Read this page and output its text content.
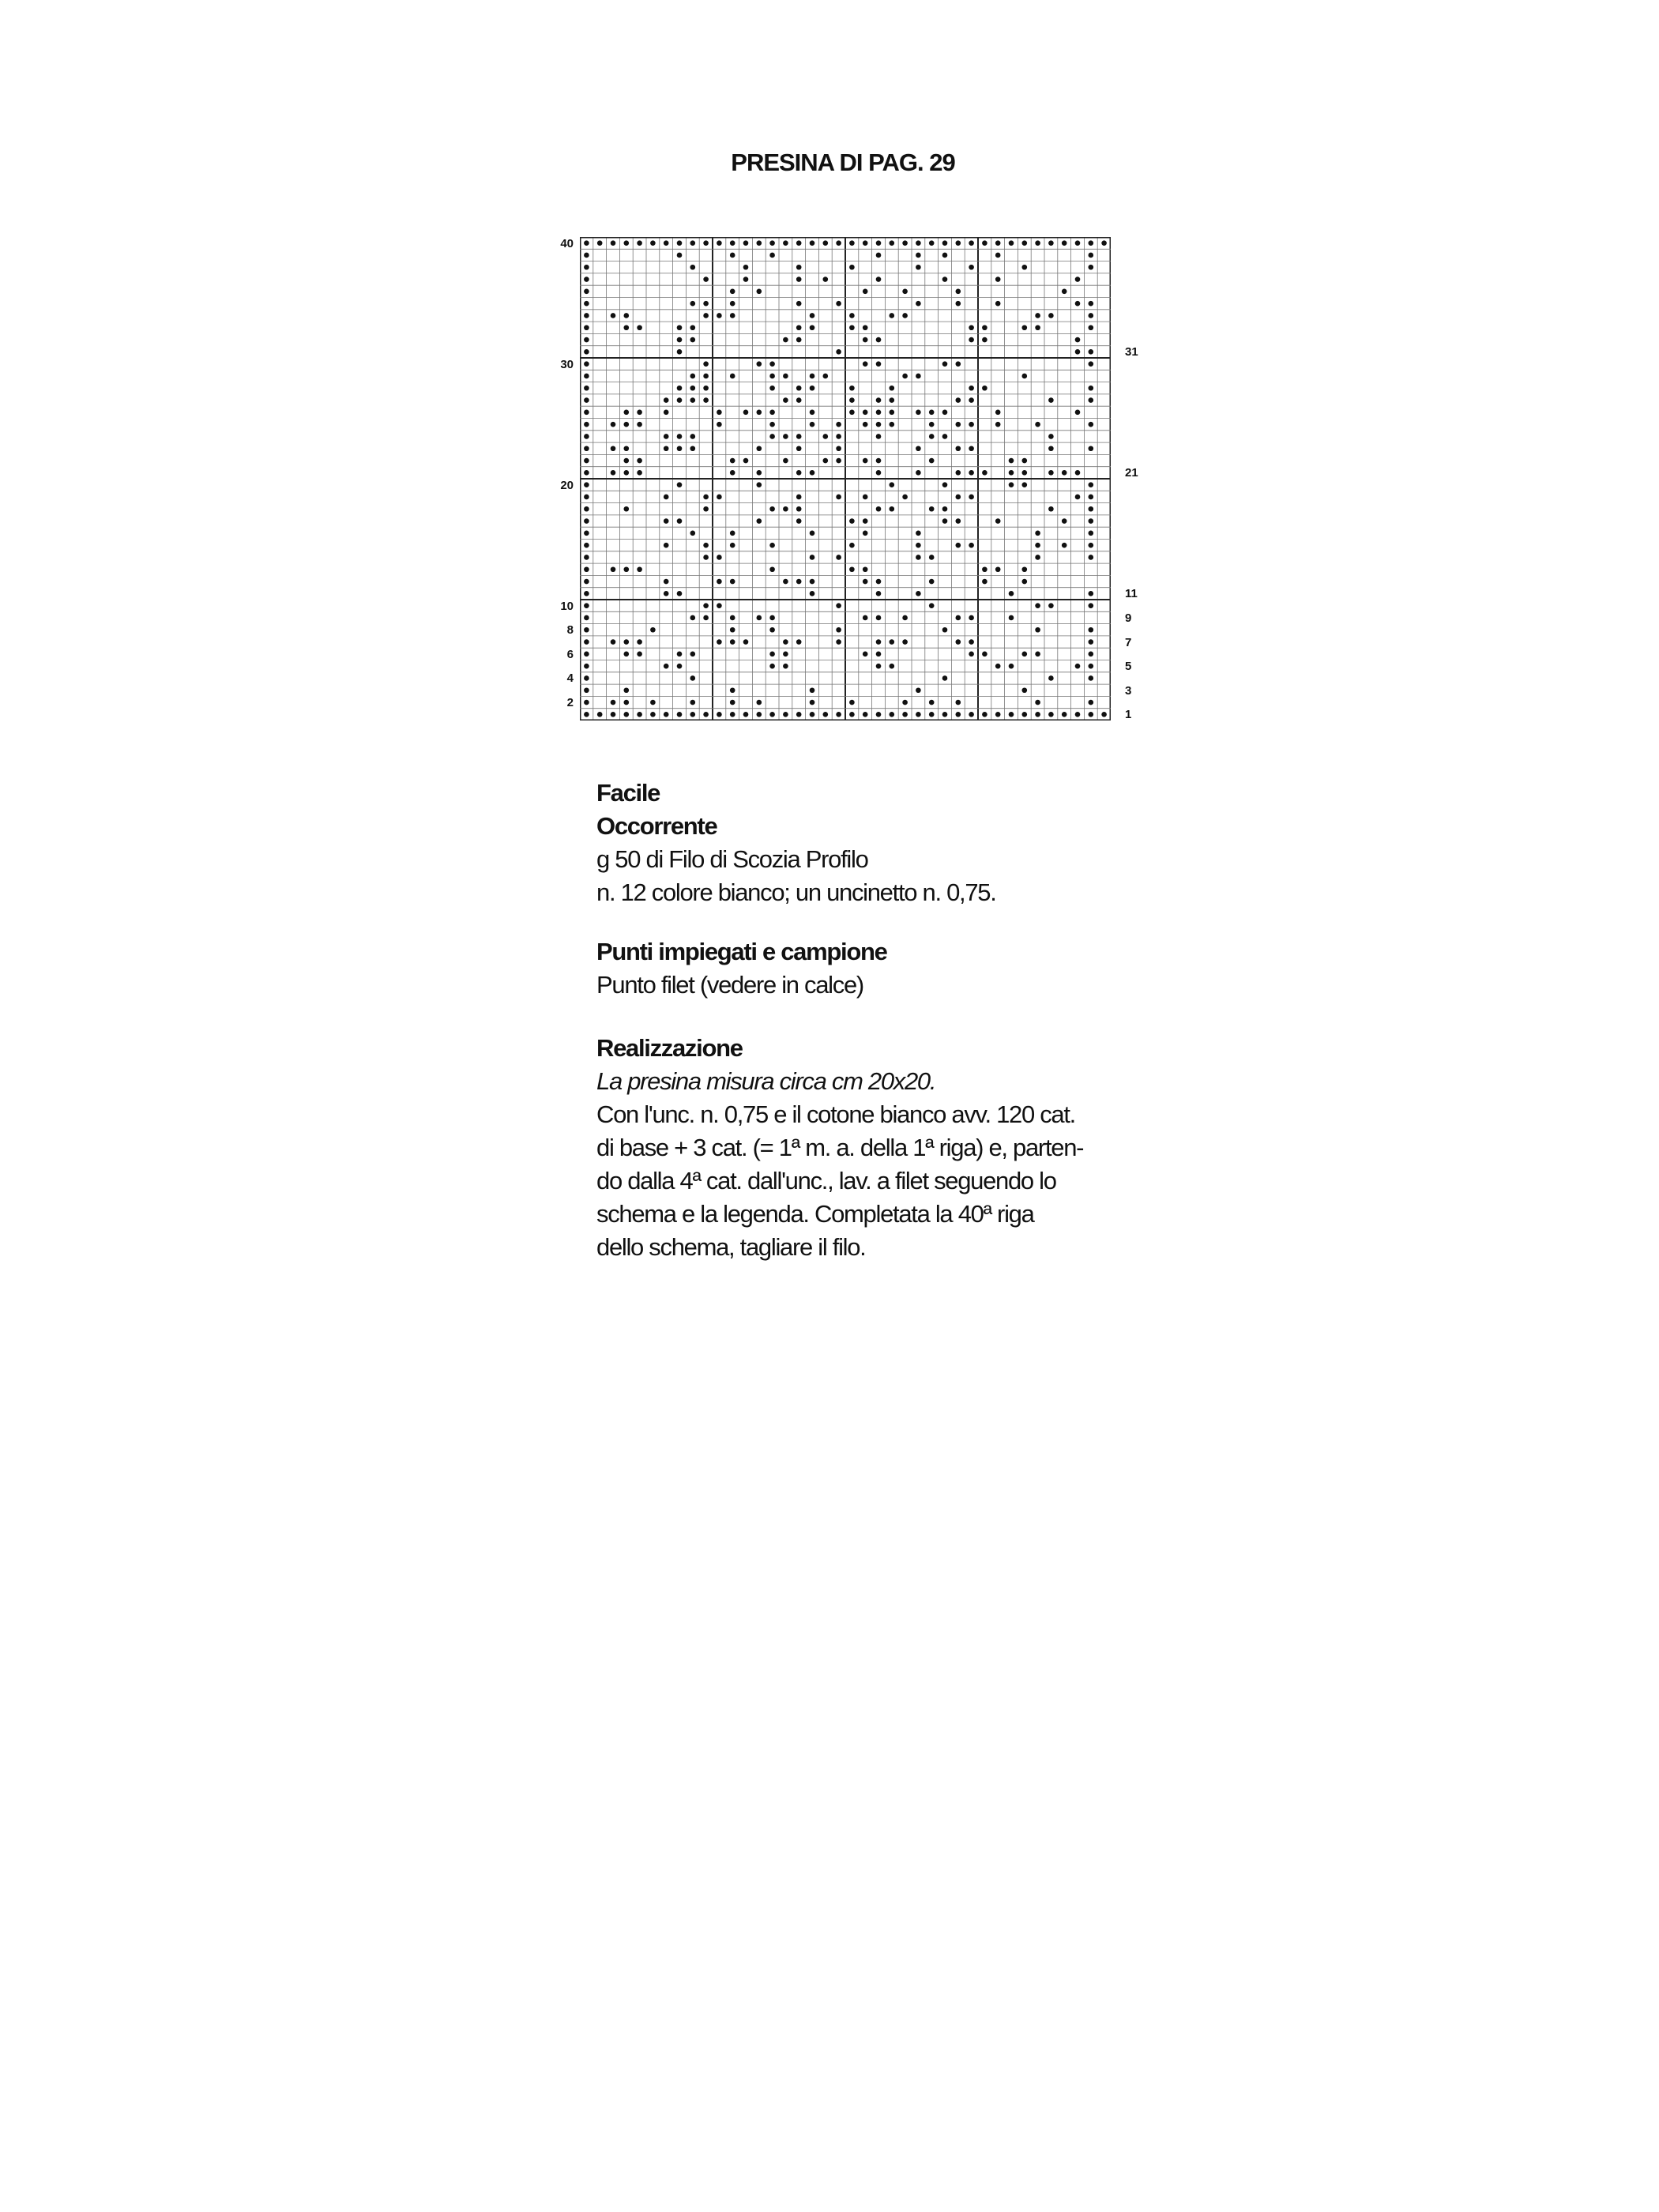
PRESINA DI PAG. 29
40
30
20
10
8
6
4
2
31
21
11
9
7
5
3
1
Facile
Occorrente
g 50 di Filo di Scozia Profilo
n. 12 colore bianco; un uncinetto n. 0,75.
Punti impiegati e campione
Punto filet (vedere in calce)
Realizzazione
La presina misura circa cm 20x20.
Con l'unc. n. 0,75 e il cotone bianco avv. 120 cat.
di base + 3 cat. (= 1ª m. a. della 1ª riga) e, parten-
do dalla 4ª cat. dall'unc., lav. a filet seguendo lo
schema e la legenda. Completata la 40ª riga
dello schema, tagliare il filo.
